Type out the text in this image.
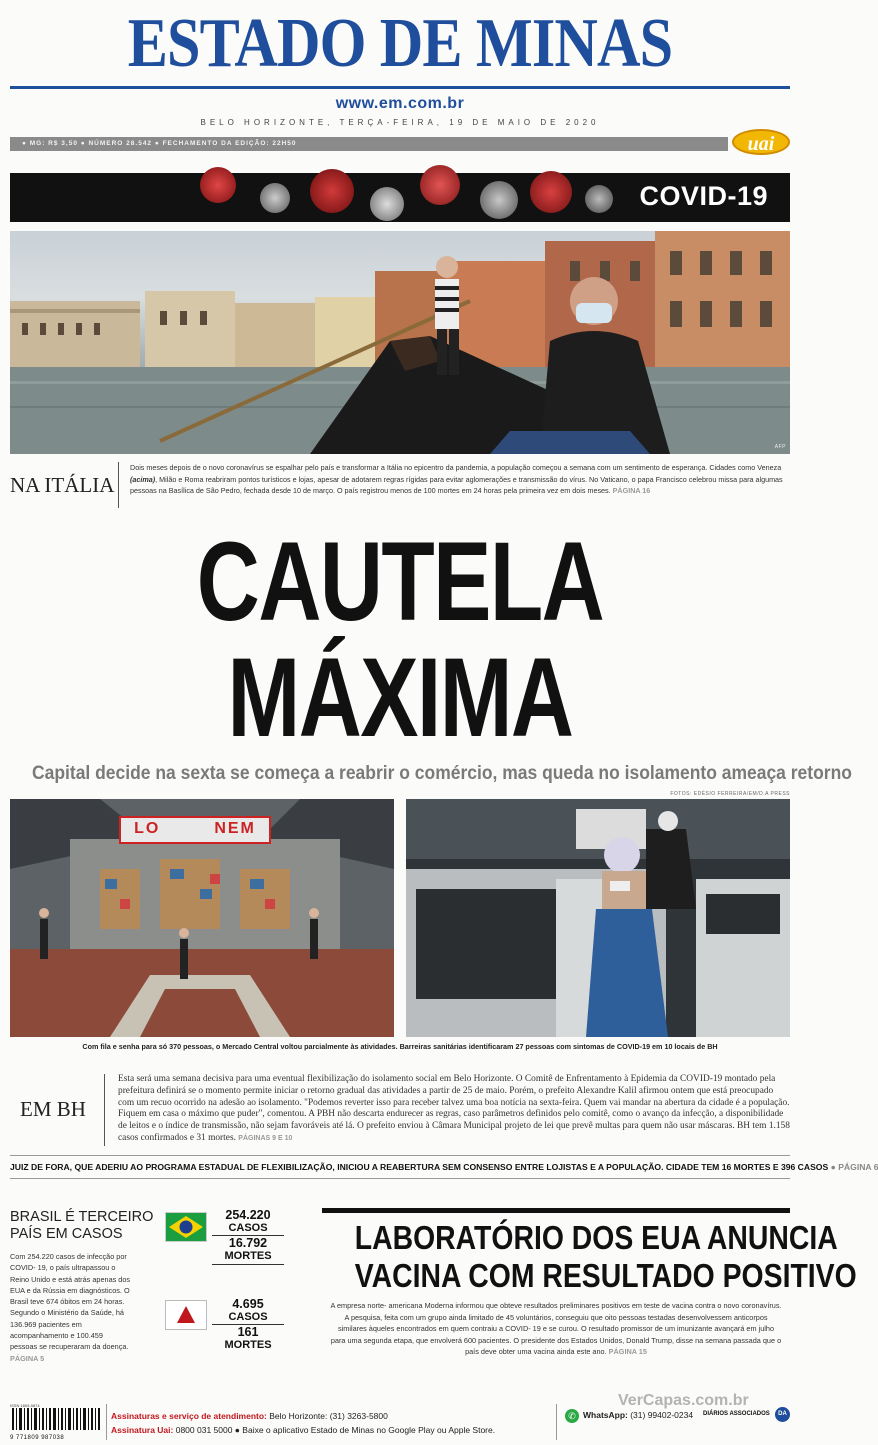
ESTADO DE MINAS
www.em.com.br
BELO HORIZONTE, TERÇA-FEIRA, 19 DE MAIO DE 2020
● MG: R$ 3,50 ● NÚMERO 28.542 ● FECHAMENTO DA EDIÇÃO: 22H50	uai
COVID-19
AFP
NA ITÁLIA
Dois meses depois de o novo coronavírus se espalhar pelo país e transformar a Itália no epicentro da pandemia, a população começou a semana com um sentimento de esperança. Cidades como Veneza (acima), Milão e Roma reabriram pontos turísticos e lojas, apesar de adotarem regras rígidas para evitar aglomerações e transmissão do vírus. No Vaticano, o papa Francisco celebrou missa para algumas pessoas na Basílica de São Pedro, fechada desde 10 de março. O país registrou menos de 100 mortes em 24 horas pela primeira vez em dois meses. PÁGINA 16
CAUTELA
MÁXIMA
Capital decide na sexta se começa a reabrir o comércio, mas queda no isolamento ameaça retorno
FOTOS: EDÉSIO FERREIRA/EM/D.A PRESS
LO	NEM
Com fila e senha para só 370 pessoas, o Mercado Central voltou parcialmente às atividades. Barreiras sanitárias identificaram 27 pessoas com sintomas de COVID-19 em 10 locais de BH
EM BH
Esta será uma semana decisiva para uma eventual flexibilização do isolamento social em Belo Horizonte. O Comitê de Enfrentamento à Epidemia da COVID-19 montado pela prefeitura definirá se o momento permite iniciar o retorno gradual das atividades a partir de 25 de maio. Porém, o prefeito Alexandre Kalil afirmou ontem que está preocupado com um recuo ocorrido na adesão ao isolamento. "Podemos reverter isso para receber talvez uma boa notícia na sexta-feira. Quem vai mandar na abertura da cidade é a população. Fiquem em casa o máximo que puder", comentou. A PBH não descarta endurecer as regras, caso parâmetros definidos pelo comitê, como o avanço da infecção, a disponibilidade de leitos e o índice de transmissão, não sejam favoráveis até lá. O prefeito enviou à Câmara Municipal projeto de lei que prevê multas para quem não usar máscaras. BH tem 1.158 casos confirmados e 31 mortes. PÁGINAS 9 E 10
JUIZ DE FORA, QUE ADERIU AO PROGRAMA ESTADUAL DE FLEXIBILIZAÇÃO, INICIOU A REABERTURA SEM CONSENSO ENTRE LOJISTAS E A POPULAÇÃO. CIDADE TEM 16 MORTES E 396 CASOS ● PÁGINA 6
BRASIL É TERCEIRO
PAÍS EM CASOS
Com 254.220 casos de infecção por COVID- 19, o país ultrapassou o Reino Unido e está atrás apenas dos EUA e da Rússia em diagnósticos. O Brasil teve 674 óbitos em 24 horas. Segundo o Ministério da Saúde, há 136.969 pacientes em acompanhamento e 100.459 pessoas se recuperaram da doença. PÁGINA 5
254.220
CASOS
16.792
MORTES
4.695
CASOS
161
MORTES
LABORATÓRIO DOS EUA ANUNCIA
VACINA COM RESULTADO POSITIVO
A empresa norte- americana Moderna informou que obteve resultados preliminares positivos em teste de vacina contra o novo coronavírus. A pesquisa, feita com um grupo ainda limitado de 45 voluntários, conseguiu que oito pessoas testadas desenvolvessem anticorpos similares àqueles encontrados em quem contraiu a COVID- 19 e se curou. O resultado promissor de um imunizante avançará em julho para uma segunda etapa, que envolverá 600 pacientes. O presidente dos Estados Unidos, Donald Trump, disse na semana passada que o país deve obter uma vacina ainda este ano. PÁGINA 15
VerCapas.com.br
ISSN 1809-9874
9 771809 987038
Assinaturas e serviço de atendimento: Belo Horizonte: (31) 3263-5800
Assinatura Uai: 0800 031 5000 ● Baixe o aplicativo Estado de Minas no Google Play ou Apple Store.
✆ WhatsApp: (31) 99402-0234 DIÁRIOS ASSOCIADOS	DA
